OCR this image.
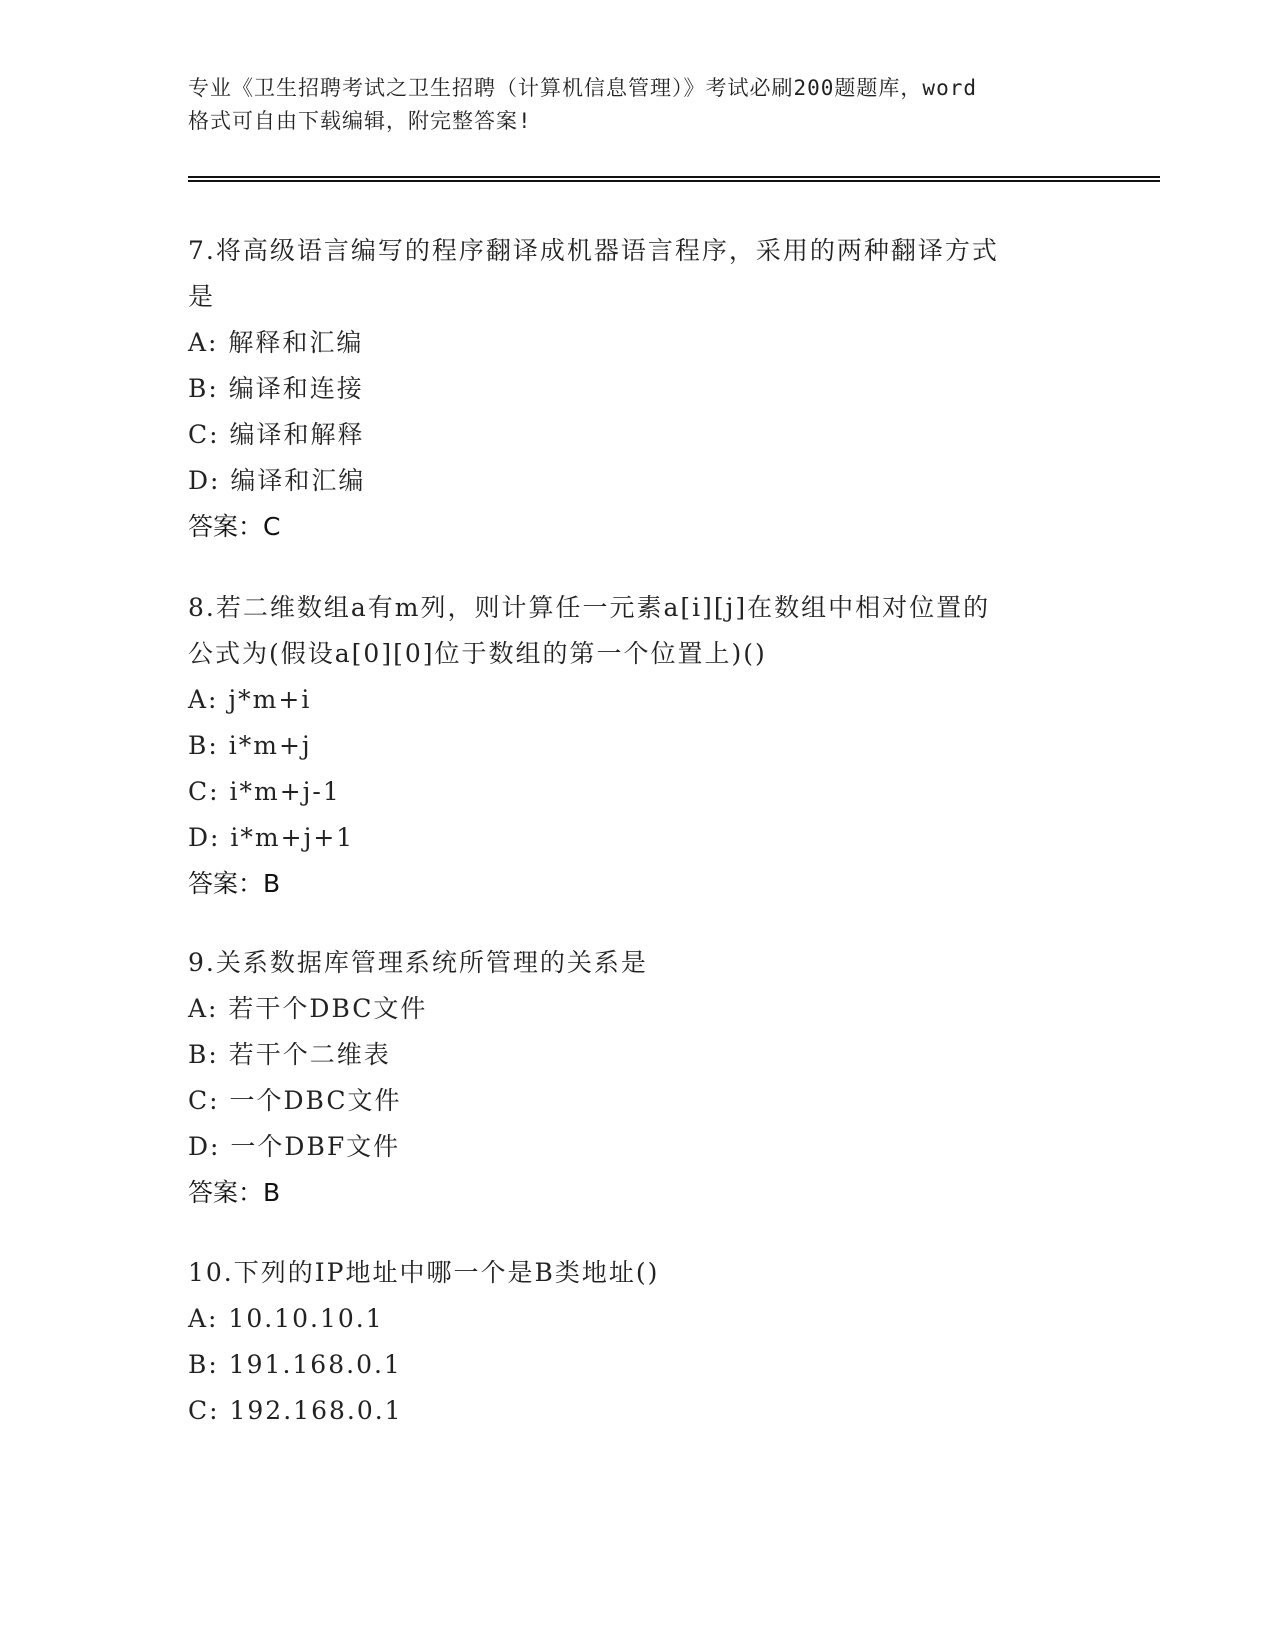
专业《卫生招聘考试之卫生招聘（计算机信息管理）》考试必刷200题题库，word
格式可自由下载编辑，附完整答案!
7.将高级语言编写的程序翻译成机器语言程序，采用的两种翻译方式
是
A: 解释和汇编
B: 编译和连接
C: 编译和解释
D: 编译和汇编
答案：C
8.若二维数组a有m列，则计算任一元素a[i][j]在数组中相对位置的
公式为(假设a[0][0]位于数组的第一个位置上)()
A: j*m+i
B: i*m+j
C: i*m+j-1
D: i*m+j+1
答案：B
9.关系数据库管理系统所管理的关系是
A: 若干个DBC文件
B: 若干个二维表
C: 一个DBC文件
D: 一个DBF文件
答案：B
10.下列的IP地址中哪一个是B类地址()
A: 10.10.10.1
B: 191.168.0.1
C: 192.168.0.1
